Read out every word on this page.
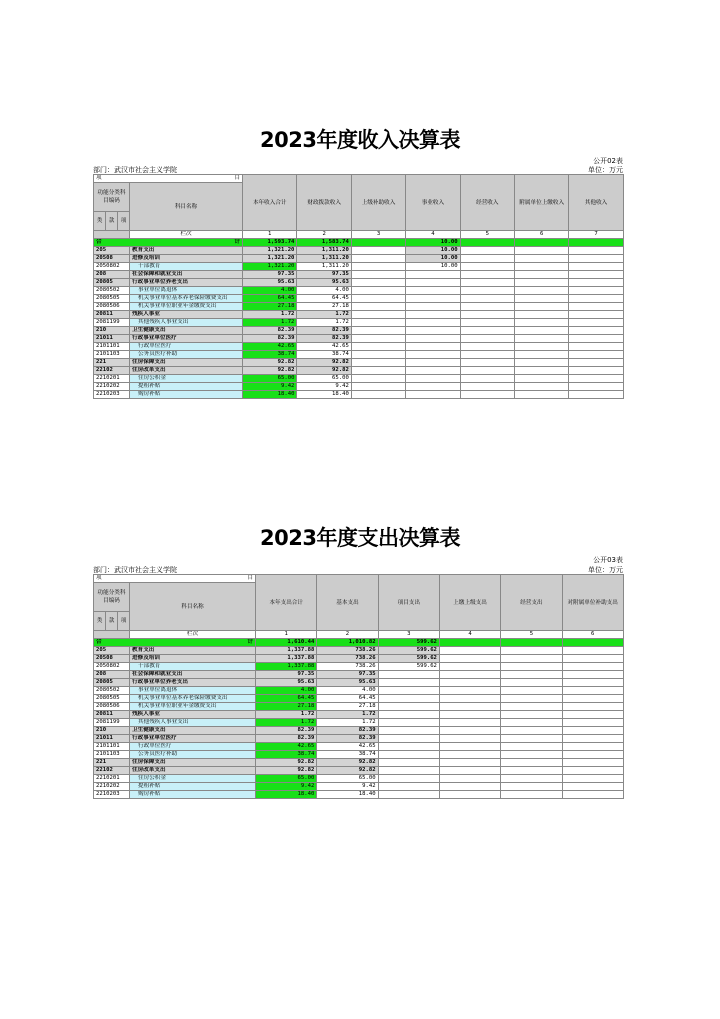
2023年度收入决算表
公开02表
部门：武汉市社会主义学院	单位：万元
项 目				本年收入合计	财政拨款收入	上级补助收入	事业收入	经营收入	附属单位上缴收入	其他收入
功能分类科目编码			科目名称							
类	款	项								
			栏次	1	2	3	4	5	6	7
合 计				1,593.74	1,583.74		10.00			
205			教育支出	1,321.20	1,311.20		10.00			
20508			进修及培训	1,321.20	1,311.20		10.00			
2050802			干部教育	1,321.20	1,311.20		10.00			
208			社会保障和就业支出	97.35	97.35					
20805			行政事业单位养老支出	95.63	95.63					
2080502			事业单位离退休	4.00	4.00					
2080505			机关事业单位基本养老保险缴费支出	64.45	64.45					
2080506			机关事业单位职业年金缴费支出	27.18	27.18					
20811			残疾人事业	1.72	1.72					
2081199			其他残疾人事业支出	1.72	1.72					
210			卫生健康支出	82.39	82.39					
21011			行政事业单位医疗	82.39	82.39					
2101101			行政单位医疗	42.65	42.65					
2101103			公务员医疗补助	38.74	38.74					
221			住房保障支出	92.82	92.82					
22102			住房改革支出	92.82	92.82					
2210201			住房公积金	65.00	65.00					
2210202			提租补贴	9.42	9.42					
2210203			购房补贴	18.40	18.40					
2023年度支出决算表
公开03表
部门：武汉市社会主义学院	单位：万元
项 目				本年支出合计	基本支出	项目支出	上缴上级支出	经营支出	对附属单位补助支出
功能分类科目编码			科目名称						
类	款	项							
			栏次	1	2	3	4	5	6
合 计				1,610.44	1,010.82	599.62			
205			教育支出	1,337.88	738.26	599.62			
20508			进修及培训	1,337.88	738.26	599.62			
2050802			干部教育	1,337.88	738.26	599.62			
208			社会保障和就业支出	97.35	97.35				
20805			行政事业单位养老支出	95.63	95.63				
2080502			事业单位离退休	4.00	4.00				
2080505			机关事业单位基本养老保险缴费支出	64.45	64.45				
2080506			机关事业单位职业年金缴费支出	27.18	27.18				
20811			残疾人事业	1.72	1.72				
2081199			其他残疾人事业支出	1.72	1.72				
210			卫生健康支出	82.39	82.39				
21011			行政事业单位医疗	82.39	82.39				
2101101			行政单位医疗	42.65	42.65				
2101103			公务员医疗补助	38.74	38.74				
221			住房保障支出	92.82	92.82				
22102			住房改革支出	92.82	92.82				
2210201			住房公积金	65.00	65.00				
2210202			提租补贴	9.42	9.42				
2210203			购房补贴	18.40	18.40				
